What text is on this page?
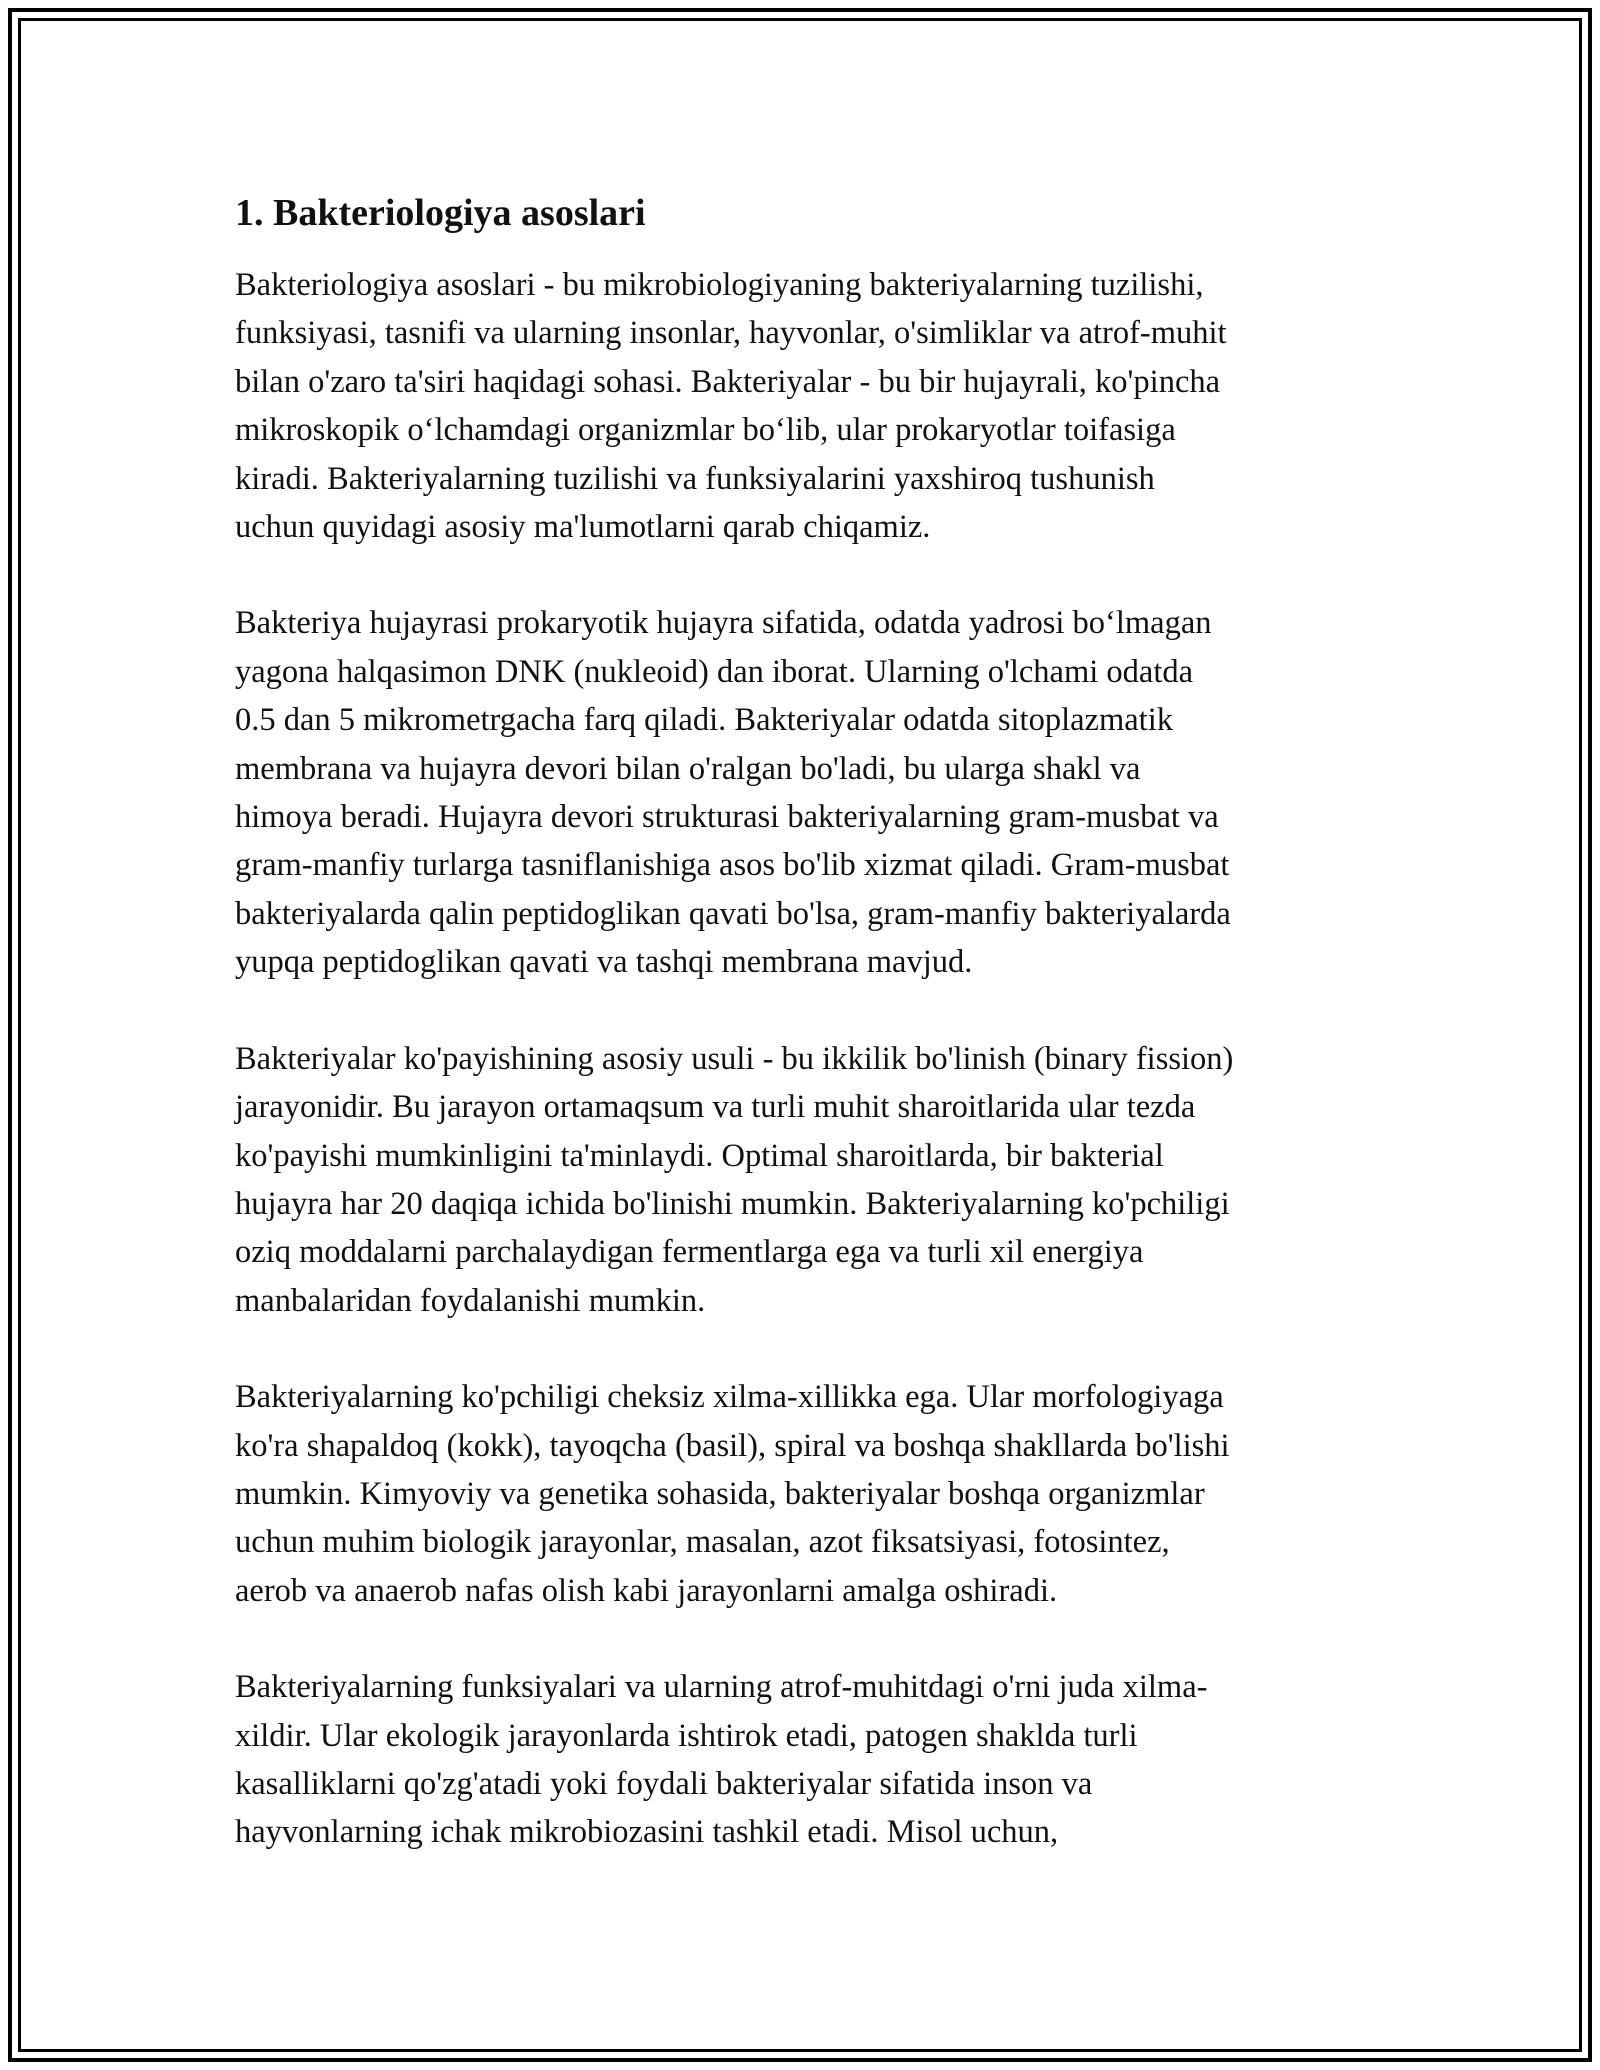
1. Bakteriologiya asoslari

Bakteriologiya asoslari - bu mikrobiologiyaning bakteriyalarning tuzilishi,
funksiyasi, tasnifi va ularning insonlar, hayvonlar, o'simliklar va atrof-muhit
bilan o'zaro ta'siri haqidagi sohasi. Bakteriyalar - bu bir hujayrali, ko'pincha
mikroskopik o‘lchamdagi organizmlar bo‘lib, ular prokaryotlar toifasiga
kiradi. Bakteriyalarning tuzilishi va funksiyalarini yaxshiroq tushunish
uchun quyidagi asosiy ma'lumotlarni qarab chiqamiz.

Bakteriya hujayrasi prokaryotik hujayra sifatida, odatda yadrosi bo‘lmagan
yagona halqasimon DNK (nukleoid) dan iborat. Ularning o'lchami odatda
0.5 dan 5 mikrometrgacha farq qiladi. Bakteriyalar odatda sitoplazmatik
membrana va hujayra devori bilan o'ralgan bo'ladi, bu ularga shakl va
himoya beradi. Hujayra devori strukturasi bakteriyalarning gram-musbat va
gram-manfiy turlarga tasniflanishiga asos bo'lib xizmat qiladi. Gram-musbat
bakteriyalarda qalin peptidoglikan qavati bo'lsa, gram-manfiy bakteriyalarda
yupqa peptidoglikan qavati va tashqi membrana mavjud.

Bakteriyalar ko'payishining asosiy usuli - bu ikkilik bo'linish (binary fission)
jarayonidir. Bu jarayon ortamaqsum va turli muhit sharoitlarida ular tezda
ko'payishi mumkinligini ta'minlaydi. Optimal sharoitlarda, bir bakterial
hujayra har 20 daqiqa ichida bo'linishi mumkin. Bakteriyalarning ko'pchiligi
oziq moddalarni parchalaydigan fermentlarga ega va turli xil energiya
manbalaridan foydalanishi mumkin.

Bakteriyalarning ko'pchiligi cheksiz xilma-xillikka ega. Ular morfologiyaga
ko'ra shapaldoq (kokk), tayoqcha (basil), spiral va boshqa shakllarda bo'lishi
mumkin. Kimyoviy va genetika sohasida, bakteriyalar boshqa organizmlar
uchun muhim biologik jarayonlar, masalan, azot fiksatsiyasi, fotosintez,
aerob va anaerob nafas olish kabi jarayonlarni amalga oshiradi.

Bakteriyalarning funksiyalari va ularning atrof-muhitdagi o'rni juda xilma-
xildir. Ular ekologik jarayonlarda ishtirok etadi, patogen shaklda turli
kasalliklarni qo'zg'atadi yoki foydali bakteriyalar sifatida inson va
hayvonlarning ichak mikrobiozasini tashkil etadi. Misol uchun,
